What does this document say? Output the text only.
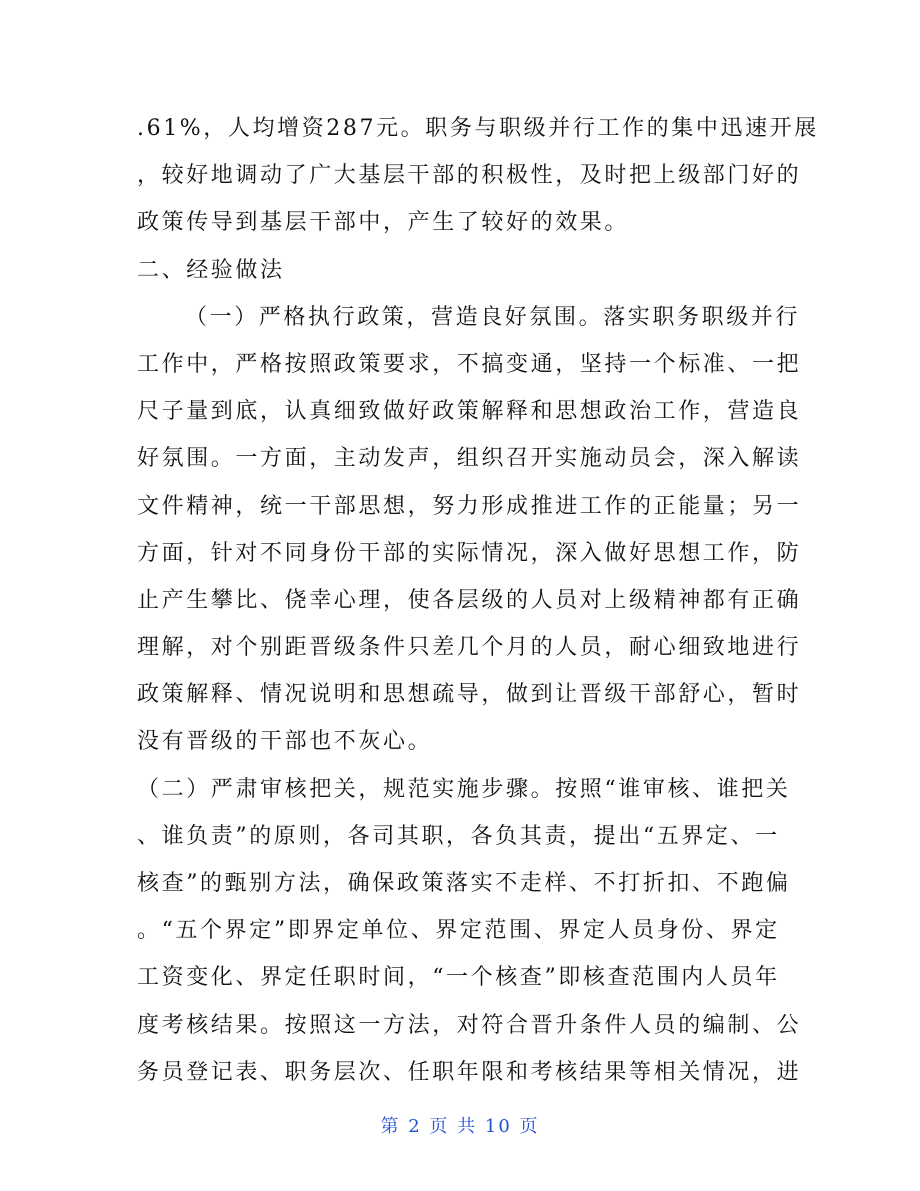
.61%，人均增资287元。职务与职级并行工作的集中迅速开展
，较好地调动了广大基层干部的积极性，及时把上级部门好的
政策传导到基层干部中，产生了较好的效果。
二、经验做法
（一）严格执行政策，营造良好氛围。落实职务职级并行
工作中，严格按照政策要求，不搞变通，坚持一个标准、一把
尺子量到底，认真细致做好政策解释和思想政治工作，营造良
好氛围。一方面，主动发声，组织召开实施动员会，深入解读
文件精神，统一干部思想，努力形成推进工作的正能量；另一
方面，针对不同身份干部的实际情况，深入做好思想工作，防
止产生攀比、侥幸心理，使各层级的人员对上级精神都有正确
理解，对个别距晋级条件只差几个月的人员，耐心细致地进行
政策解释、情况说明和思想疏导，做到让晋级干部舒心，暂时
没有晋级的干部也不灰心。
（二）严肃审核把关，规范实施步骤。按照“谁审核、谁把关
、谁负责”的原则，各司其职，各负其责，提出“五界定、一
核查”的甄别方法，确保政策落实不走样、不打折扣、不跑偏
。“五个界定”即界定单位、界定范围、界定人员身份、界定
工资变化、界定任职时间，“一个核查”即核查范围内人员年
度考核结果。按照这一方法，对符合晋升条件人员的编制、公
务员登记表、职务层次、任职年限和考核结果等相关情况，进
第 2 页 共 10 页
